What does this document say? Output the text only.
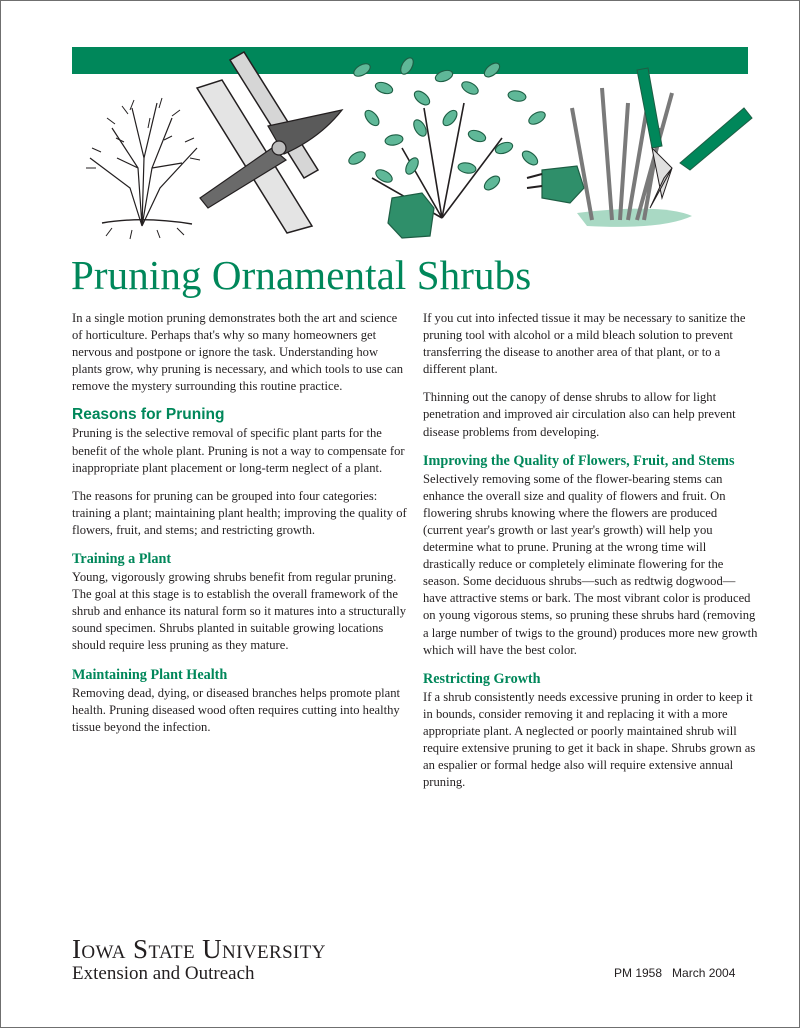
Pruning Ornamental Shrubs

In a single motion pruning demonstrates both the art and science of horticulture. Perhaps that's why so many homeowners get nervous and postpone or ignore the task. Understanding how plants grow, why pruning is necessary, and which tools to use can remove the mystery surrounding this routine practice.

Reasons for Pruning

Pruning is the selective removal of specific plant parts for the benefit of the whole plant. Pruning is not a way to compensate for inappropriate plant placement or long-term neglect of a plant.

The reasons for pruning can be grouped into four categories: training a plant; maintaining plant health; improving the quality of flowers, fruit, and stems; and restricting growth.

Training a Plant

Young, vigorously growing shrubs benefit from regular pruning. The goal at this stage is to establish the overall framework of the shrub and enhance its natural form so it matures into a structurally sound specimen. Shrubs planted in suitable growing locations should require less pruning as they mature.

Maintaining Plant Health

Removing dead, dying, or diseased branches helps promote plant health. Pruning diseased wood often requires cutting into healthy tissue beyond the infection.

If you cut into infected tissue it may be necessary to sanitize the pruning tool with alcohol or a mild bleach solution to prevent transferring the disease to another area of that plant, or to a different plant.

Thinning out the canopy of dense shrubs to allow for light penetration and improved air circulation also can help prevent disease problems from developing.

Improving the Quality of Flowers, Fruit, and Stems

Selectively removing some of the flower-bearing stems can enhance the overall size and quality of flowers and fruit. On flowering shrubs knowing where the flowers are produced (current year's growth or last year's growth) will help you determine what to prune. Pruning at the wrong time will drastically reduce or completely eliminate flowering for the season. Some deciduous shrubs—such as redtwig dogwood—have attractive stems or bark. The most vibrant color is produced on young vigorous stems, so pruning these shrubs hard (removing a large number of twigs to the ground) produces more new growth which will have the best color.

Restricting Growth

If a shrub consistently needs excessive pruning in order to keep it in bounds, consider removing it and replacing it with a more appropriate plant. A neglected or poorly maintained shrub will require extensive pruning to get it back in shape. Shrubs grown as an espalier or formal hedge also will require extensive annual pruning.

IOWA STATE UNIVERSITY
Extension and Outreach	PM 1958 March 2004
